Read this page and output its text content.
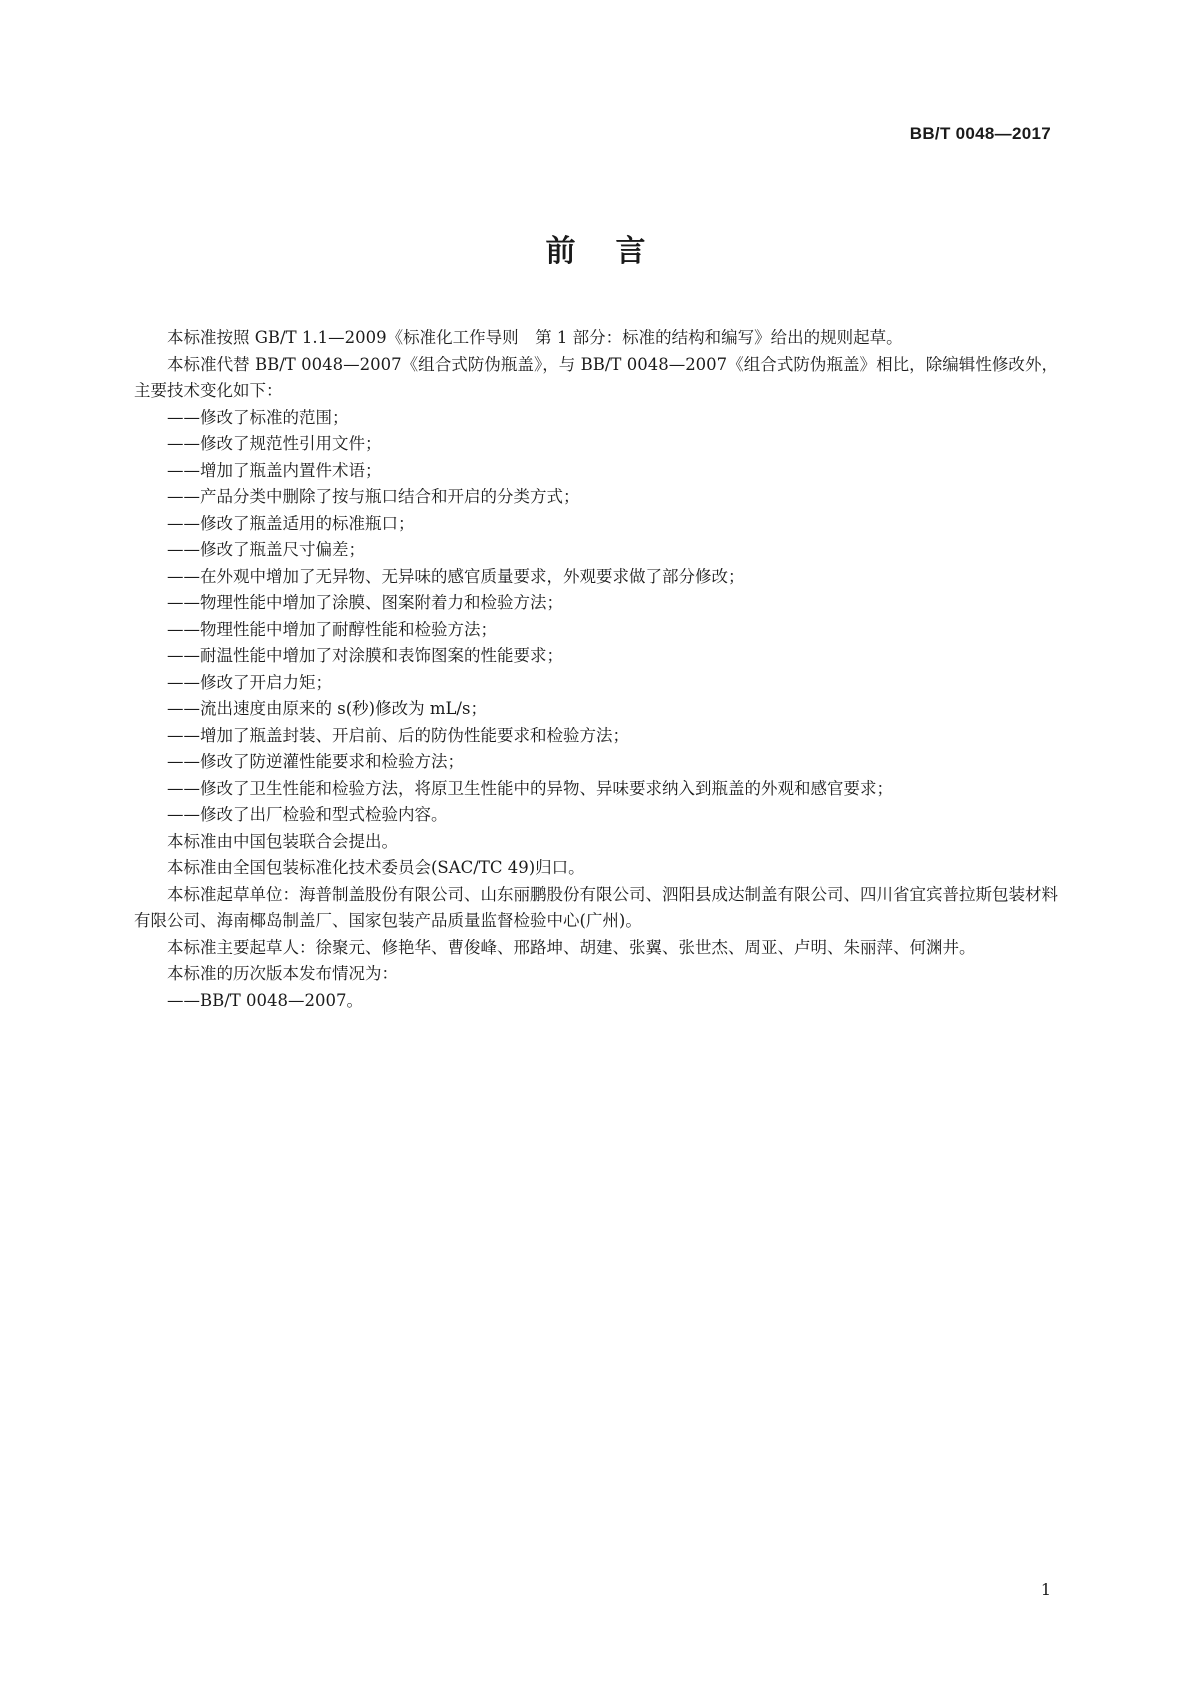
BB/T 0048—2017
前言

本标准按照 GB/T 1.1—2009《标准化工作导则　第 1 部分：标准的结构和编写》给出的规则起草。

本标准代替 BB/T 0048—2007《组合式防伪瓶盖》，与 BB/T 0048—2007《组合式防伪瓶盖》相比，除编辑性修改外，主要技术变化如下：

——修改了标准的范围；

——修改了规范性引用文件；

——增加了瓶盖内置件术语；

——产品分类中删除了按与瓶口结合和开启的分类方式；

——修改了瓶盖适用的标准瓶口；

——修改了瓶盖尺寸偏差；

——在外观中增加了无异物、无异味的感官质量要求，外观要求做了部分修改；

——物理性能中增加了涂膜、图案附着力和检验方法；

——物理性能中增加了耐醇性能和检验方法；

——耐温性能中增加了对涂膜和表饰图案的性能要求；

——修改了开启力矩；

——流出速度由原来的 s(秒)修改为 mL/s；

——增加了瓶盖封装、开启前、后的防伪性能要求和检验方法；

——修改了防逆灌性能要求和检验方法；

——修改了卫生性能和检验方法，将原卫生性能中的异物、异味要求纳入到瓶盖的外观和感官要求；

——修改了出厂检验和型式检验内容。

本标准由中国包装联合会提出。

本标准由全国包装标准化技术委员会(SAC/TC 49)归口。

本标准起草单位：海普制盖股份有限公司、山东丽鹏股份有限公司、泗阳县成达制盖有限公司、四川省宜宾普拉斯包装材料有限公司、海南椰岛制盖厂、国家包装产品质量监督检验中心(广州)。

本标准主要起草人：徐聚元、修艳华、曹俊峰、邢路坤、胡建、张翼、张世杰、周亚、卢明、朱丽萍、何渊井。

本标准的历次版本发布情况为：

——BB/T 0048—2007。

1
